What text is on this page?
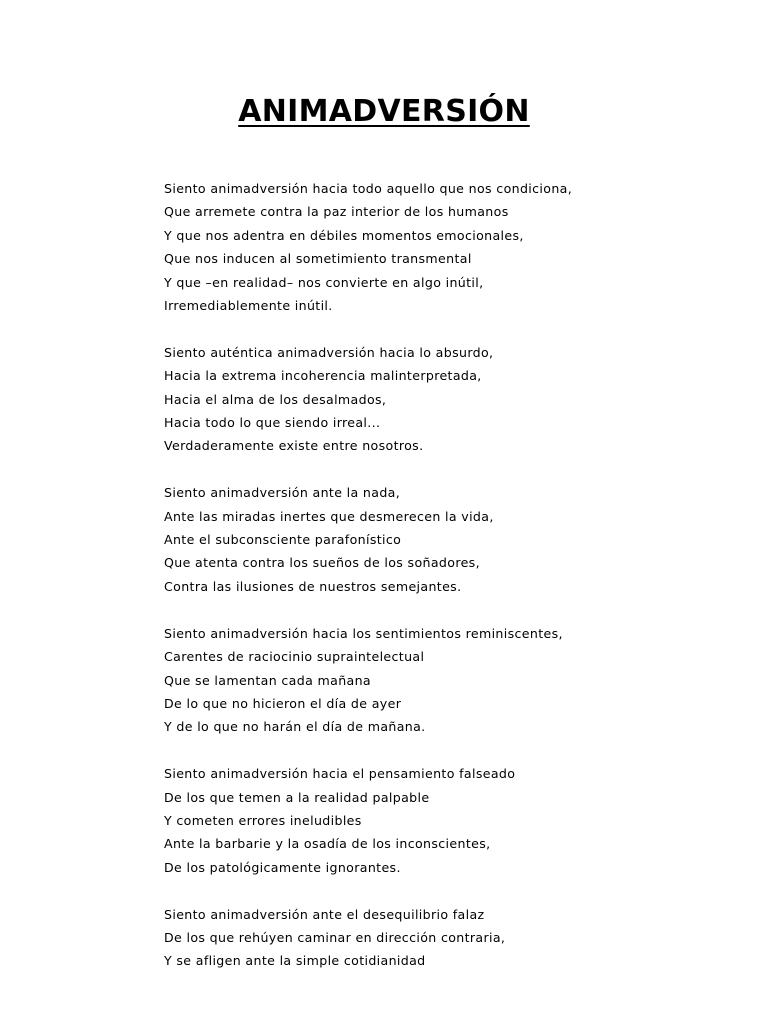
ANIMADVERSIÓN
Siento animadversión hacia todo aquello que nos condiciona,
Que arremete contra la paz interior de los humanos
Y que nos adentra en débiles momentos emocionales,
Que nos inducen al sometimiento transmental
Y que –en realidad– nos convierte en algo inútil,
Irremediablemente inútil.
Siento auténtica animadversión hacia lo absurdo,
Hacia la extrema incoherencia malinterpretada,
Hacia el alma de los desalmados,
Hacia todo lo que siendo irreal...
Verdaderamente existe entre nosotros.
Siento animadversión ante la nada,
Ante las miradas inertes que desmerecen la vida,
Ante el subconsciente parafonístico
Que atenta contra los sueños de los soñadores,
Contra las ilusiones de nuestros semejantes.
Siento animadversión hacia los sentimientos reminiscentes,
Carentes de raciocinio supraintelectual
Que se lamentan cada mañana
De lo que no hicieron el día de ayer
Y de lo que no harán el día de mañana.
Siento animadversión hacia el pensamiento falseado
De los que temen a la realidad palpable
Y cometen errores ineludibles
Ante la barbarie y la osadía de los inconscientes,
De los patológicamente ignorantes.
Siento animadversión ante el desequilibrio falaz
De los que rehúyen caminar en dirección contraria,
Y se afligen ante la simple cotidianidad
